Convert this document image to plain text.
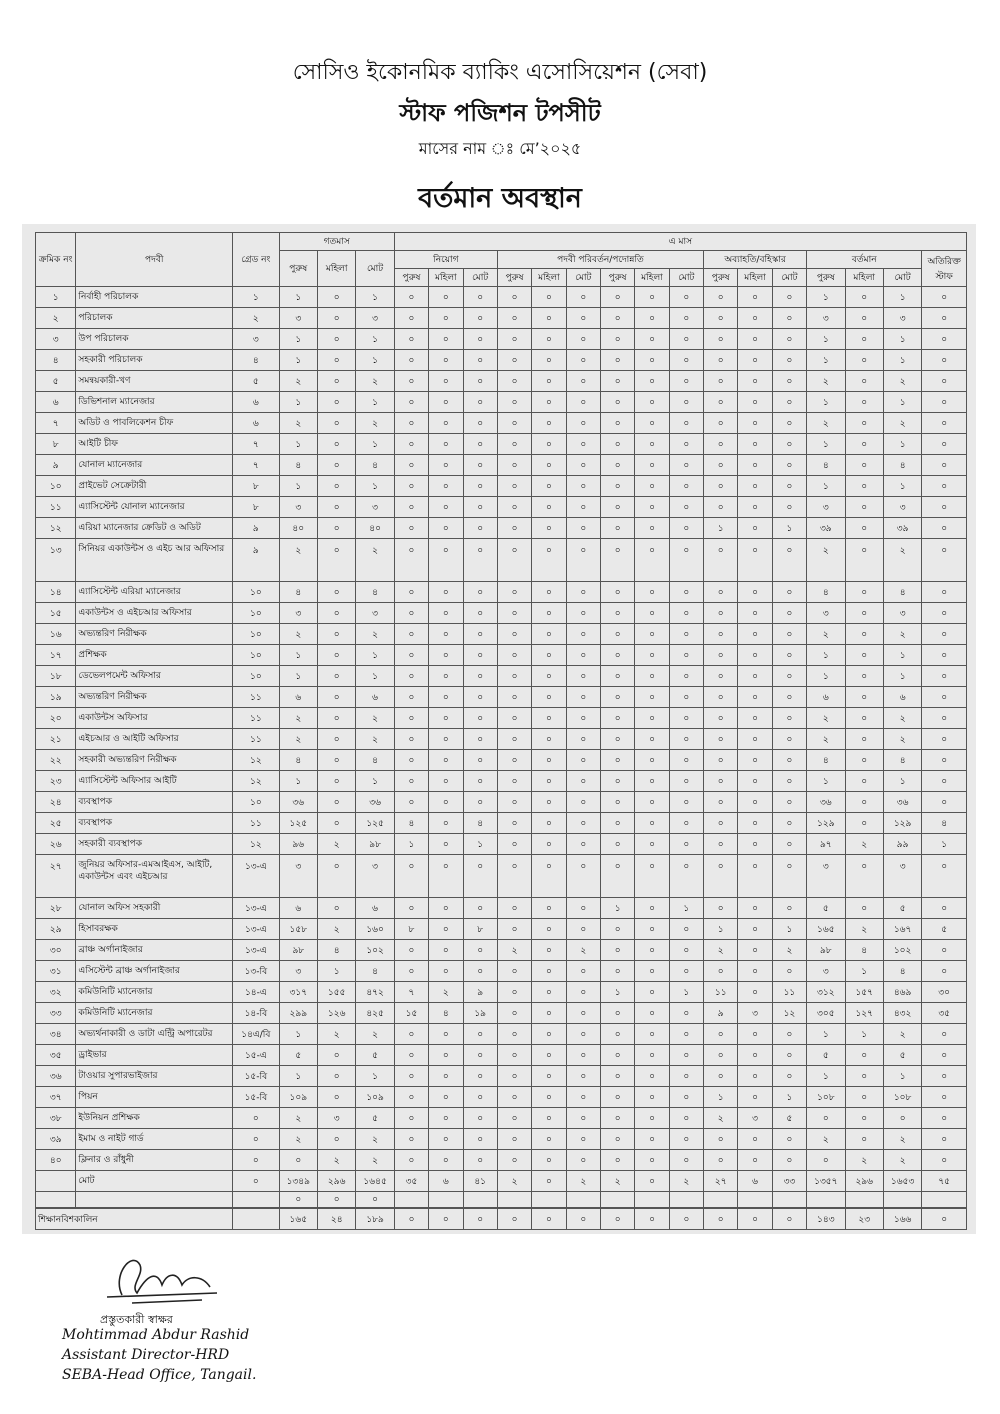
সোসিও ইকোনমিক ব্যাকিং এসোসিয়েশন (সেবা)
স্টাফ পজিশন টপসীট
মাসের নাম ঃ মে’২০২৫
বর্তমান অবস্থান
ক্রমিক নং	পদবী	গ্রেড নং	গতমাস			এ মাস															
			পুরুষ	মহিলা	মোট	নিয়োগ			পদবী পরিবর্তন/পদোন্নতি						অব্যাহতি/বহিস্কার			বর্তমান			অতিরিক্ত স্টাফ
						পুরুষ	মহিলা	মোট	পুরুষ	মহিলা	মোট	পুরুষ	মহিলা	মোট	পুরুষ	মহিলা	মোট	পুরুষ	মহিলা	মোট	
১	নির্বাহী পরিচালক	১	১	০	১	০	০	০	০	০	০	০	০	০	০	০	০	১	০	১	০
২	পরিচালক	২	৩	০	৩	০	০	০	০	০	০	০	০	০	০	০	০	৩	০	৩	০
৩	উপ পরিচালক	৩	১	০	১	০	০	০	০	০	০	০	০	০	০	০	০	১	০	১	০
৪	সহকারী পরিচালক	৪	১	০	১	০	০	০	০	০	০	০	০	০	০	০	০	১	০	১	০
৫	সমন্বয়কারী-খণ	৫	২	০	২	০	০	০	০	০	০	০	০	০	০	০	০	২	০	২	০
৬	ডিভিশনাল ম্যানেজার	৬	১	০	১	০	০	০	০	০	০	০	০	০	০	০	০	১	০	১	০
৭	অডিট ও পাবলিকেশন চীফ	৬	২	০	২	০	০	০	০	০	০	০	০	০	০	০	০	২	০	২	০
৮	আইটি চীফ	৭	১	০	১	০	০	০	০	০	০	০	০	০	০	০	০	১	০	১	০
৯	যোনাল ম্যানেজার	৭	৪	০	৪	০	০	০	০	০	০	০	০	০	০	০	০	৪	০	৪	০
১০	প্রাইভেট সেক্রেটারী	৮	১	০	১	০	০	০	০	০	০	০	০	০	০	০	০	১	০	১	০
১১	এ্যাসিস্টেন্ট যোনাল ম্যানেজার	৮	৩	০	৩	০	০	০	০	০	০	০	০	০	০	০	০	৩	০	৩	০
১২	এরিয়া ম্যানেজার ক্রেডিট ও অডিট	৯	৪০	০	৪০	০	০	০	০	০	০	০	০	০	১	০	১	৩৯	০	৩৯	০
১৩	সিনিয়র একাউন্টস ও এইচ আর অফিসার	৯	২	০	২	০	০	০	০	০	০	০	০	০	০	০	০	২	০	২	০
১৪	এ্যাসিস্টেন্ট এরিয়া ম্যানেজার	১০	৪	০	৪	০	০	০	০	০	০	০	০	০	০	০	০	৪	০	৪	০
১৫	একাউন্টস ও এইচআর অফিসার	১০	৩	০	৩	০	০	০	০	০	০	০	০	০	০	০	০	৩	০	৩	০
১৬	অভ্যন্তরিণ নিরীক্ষক	১০	২	০	২	০	০	০	০	০	০	০	০	০	০	০	০	২	০	২	০
১৭	প্রশিক্ষক	১০	১	০	১	০	০	০	০	০	০	০	০	০	০	০	০	১	০	১	০
১৮	ডেভেলপমেন্ট অফিসার	১০	১	০	১	০	০	০	০	০	০	০	০	০	০	০	০	১	০	১	০
১৯	অভ্যন্তরিণ নিরীক্ষক	১১	৬	০	৬	০	০	০	০	০	০	০	০	০	০	০	০	৬	০	৬	০
২০	একাউন্টস অফিসার	১১	২	০	২	০	০	০	০	০	০	০	০	০	০	০	০	২	০	২	০
২১	এইচআর ও আইটি অফিসার	১১	২	০	২	০	০	০	০	০	০	০	০	০	০	০	০	২	০	২	০
২২	সহকারী অভ্যন্তরিণ নিরীক্ষক	১২	৪	০	৪	০	০	০	০	০	০	০	০	০	০	০	০	৪	০	৪	০
২৩	এ্যাসিস্টেন্ট অফিসার আইটি	১২	১	০	১	০	০	০	০	০	০	০	০	০	০	০	০	১	০	১	০
২৪	ব্যবস্থাপক	১০	৩৬	০	৩৬	০	০	০	০	০	০	০	০	০	০	০	০	৩৬	০	৩৬	০
২৫	ব্যবস্থাপক	১১	১২৫	০	১২৫	৪	০	৪	০	০	০	০	০	০	০	০	০	১২৯	০	১২৯	৪
২৬	সহকারী ব্যবস্থাপক	১২	৯৬	২	৯৮	১	০	১	০	০	০	০	০	০	০	০	০	৯৭	২	৯৯	১
২৭	জুনিয়র অফিসার-এমআইএস, আইটি, একাউন্টস এবং এইচআর	১৩-এ	৩	০	৩	০	০	০	০	০	০	০	০	০	০	০	০	৩	০	৩	০
২৮	যোনাল অফিস সহকারী	১৩-এ	৬	০	৬	০	০	০	০	০	০	১	০	১	০	০	০	৫	০	৫	০
২৯	হিসাবরক্ষক	১৩-এ	১৫৮	২	১৬০	৮	০	৮	০	০	০	০	০	০	১	০	১	১৬৫	২	১৬৭	৫
৩০	ব্রাঞ্চ অর্গানাইজার	১৩-এ	৯৮	৪	১০২	০	০	০	২	০	২	০	০	০	২	০	২	৯৮	৪	১০২	০
৩১	এসিস্টেন্ট ব্রাঞ্চ অর্গানাইজার	১৩-বি	৩	১	৪	০	০	০	০	০	০	০	০	০	০	০	০	৩	১	৪	০
৩২	কমিউনিটি ম্যানেজার	১৪-এ	৩১৭	১৫৫	৪৭২	৭	২	৯	০	০	০	১	০	১	১১	০	১১	৩১২	১৫৭	৪৬৯	৩০
৩৩	কমিউনিটি ম্যানেজার	১৪-বি	২৯৯	১২৬	৪২৫	১৫	৪	১৯	০	০	০	০	০	০	৯	৩	১২	৩০৫	১২৭	৪৩২	৩৫
৩৪	অভ্যর্থনাকারী ও ডাটা এন্ট্রি অপারেটর	১৪এ/বি	১	২	২	০	০	০	০	০	০	০	০	০	০	০	০	১	১	২	০
৩৫	ড্রাইভার	১৫-এ	৫	০	৫	০	০	০	০	০	০	০	০	০	০	০	০	৫	০	৫	০
৩৬	টাওয়ার সুপারভাইজার	১৫-বি	১	০	১	০	০	০	০	০	০	০	০	০	০	০	০	১	০	১	০
৩৭	পিয়ন	১৫-বি	১০৯	০	১০৯	০	০	০	০	০	০	০	০	০	১	০	১	১০৮	০	১০৮	০
৩৮	ইউনিয়ন প্রশিক্ষক	০	২	৩	৫	০	০	০	০	০	০	০	০	০	২	৩	৫	০	০	০	০
৩৯	ইমাম ও নাইট গার্ড	০	২	০	২	০	০	০	০	০	০	০	০	০	০	০	০	২	০	২	০
৪০	ক্লিনার ও রাঁধুনী	০	০	২	২	০	০	০	০	০	০	০	০	০	০	০	০	০	২	২	০
	মোট	০	১৩৪৯	২৯৬	১৬৪৫	৩৫	৬	৪১	২	০	২	২	০	২	২৭	৬	৩৩	১৩৫৭	২৯৬	১৬৫৩	৭৫
			০	০	০																
শিক্ষানবিশকালিন		১৬৫	২৪	১৮৯	০	০	০	০	০	০	০	০	০	০	০	০	১৪৩	২৩	১৬৬	০
প্রস্তুতকারী স্বাক্ষর
Mohtimmad Abdur Rashid
Assistant Director-HRD
SEBA-Head Office, Tangail.
